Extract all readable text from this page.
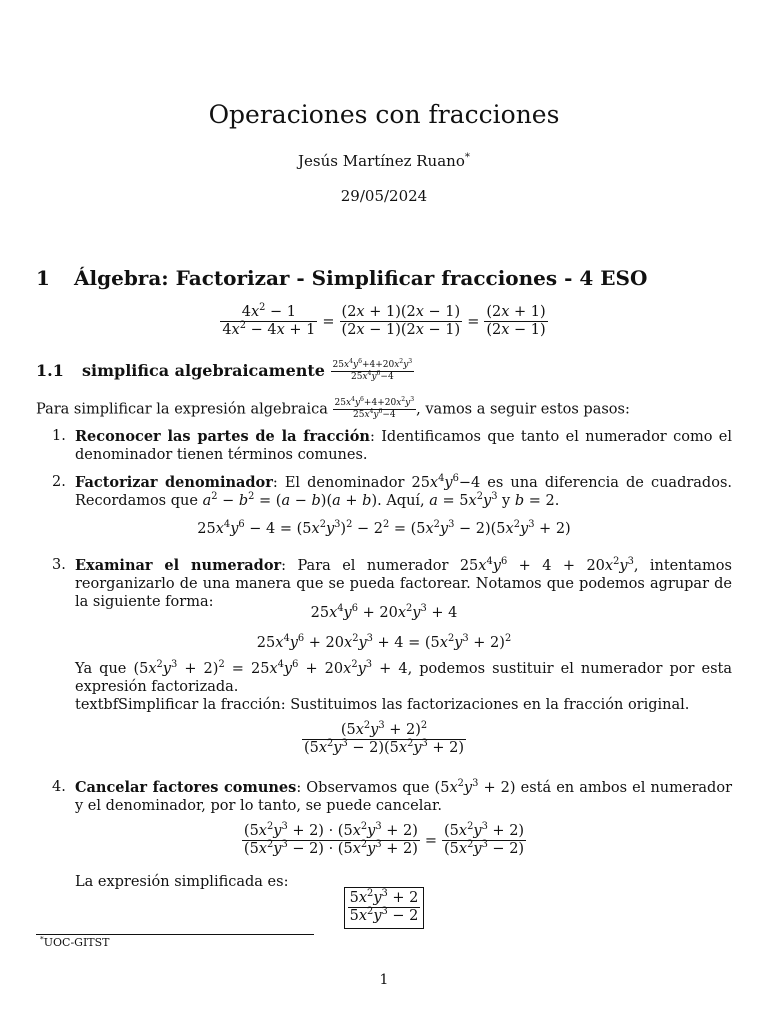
Operaciones con fracciones
Jesús Martínez Ruano*
29/05/2024
1 Álgebra: Factorizar - Simplificar fracciones - 4 ESO
$\frac{4x^2 - 1}{4x^2 - 4x + 1} = \frac{(2x + 1)(2x - 1)}{(2x - 1)(2x - 1)} = \frac{(2x + 1)}{(2x - 1)}$
1.1 simplifica algebraicamente $\frac{25x^4y^6+4+20x^2y^3}{25x^4y^6-4}$
Para simplificar la expresión algebraica $\frac{25x^4y^6+4+20x^2y^3}{25x^4y^6-4}$ , vamos a seguir estos pasos:
1. Reconocer las partes de la fracción: Identificamos que tanto el numerador como el denominador tienen términos comunes.
2. Factorizar denominador: El denominador $25x^4y^6-4$ es una diferencia de cuadrados. Recordamos que $a^2 - b^2 = (a - b)(a + b)$. Aquí, $a = 5x^2y^3$ y b = 2.
$25x^4y^6 - 4 = (5x^2y^3)^2 - 2^2 = (5x^2y^3 - 2)(5x^2y^3 + 2)$
3. Examinar el numerador: Para el numerador $25x^4y^6 + 4 + 20x^2y^3$, intentamos reorganizarlo de una manera que se pueda factorear. Notamos que podemos agrupar de la siguiente forma:
$25x^4y^6 + 20x^2y^3 + 4$
$25x^4y^6 + 20x^2y^3 + 4 = (5x^2y^3 + 2)^2$
Ya que $(5x^2y^3 + 2)^2 = 25x^4y^6 + 20x^2y^3 + 4$, podemos sustituir el numerador por esta expresión factorizada.
textbfSimplificar la fracción: Sustituimos las factorizaciones en la fracción original.
$\frac{(5x^2y^3 + 2)^2}{(5x^2y^3 - 2)(5x^2y^3 + 2)}$
4. Cancelar factores comunes: Observamos que $(5x^2y^3 + 2)$ está en ambos el numerador y el denominador, por lo tanto, se puede cancelar.
$\frac{(5x^2y^3 + 2) \cdot (5x^2y^3 + 2)}{(5x^2y^3 - 2) \cdot (5x^2y^3 + 2)} = \frac{(5x^2y^3 + 2)}{(5x^2y^3 - 2)}$
La expresión simplificada es:
$\frac{5x^2y^3 + 2}{5x^2y^3 - 2}$
*UOC-GITST
1
